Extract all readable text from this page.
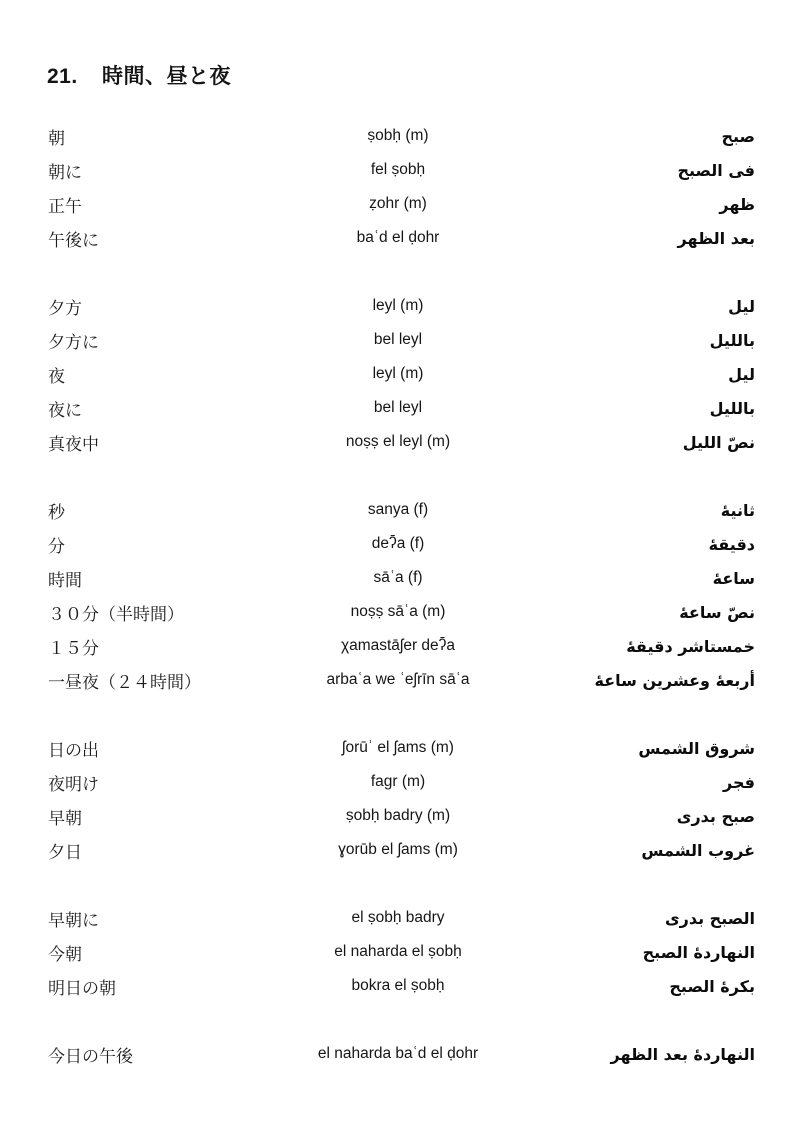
21. 時間、昼と夜
朝	ṣobḥ (m)	صبح
朝に	fel ṣobḥ	فى الصبح
正午	ẓohr (m)	ظهر
午後に	baʿd el ḍohr	بعد الظهر
夕方	leyl (m)	ليل
夕方に	bel leyl	بالليل
夜	leyl (m)	ليل
夜に	bel leyl	بالليل
真夜中	noṣṣ el leyl (m)	نصّ الليل
秒	sanya (f)	ثانيهٔ
分	deʔ̄a (f)	دقيقهٔ
時間	sāʿa (f)	ساعهٔ
３０分（半時間）	noṣṣ sāʿa (m)	نصّ ساعهٔ
１５分	χamastāʃer deʔ̄a	خمستاشر دقيقهٔ
一昼夜（２４時間）	arbaʿa we ʿeʃrīn sāʿa	أربعهٔ وعشرين ساعهٔ
日の出	ʃorūʾ el ʃams (m)	شروق الشمس
夜明け	fagr (m)	فجر
早朝	ṣobḥ badry (m)	صبح بدرى
夕日	ɣorūb el ʃams (m)	غروب الشمس
早朝に	el ṣobḥ badry	الصبح بدرى
今朝	el naharda el ṣobḥ	النهاردهٔ الصبح
明日の朝	bokra el ṣobḥ	بكرهٔ الصبح
今日の午後	el naharda baʿd el ḍohr	النهاردهٔ بعد الظهر
